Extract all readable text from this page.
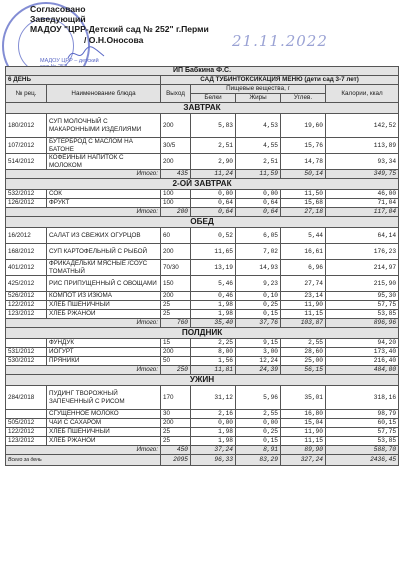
Согласовано
Заведующий
МАДОУ "ЦРР-Детский сад № 252" г.Перми
/ О.Н.Оносова
МАДОУ ЦРР – детский
21.11.2022
ИП Бабкина Ф.С.						
6 ДЕНЬ		САД ТУБИНТОКСИКАЦИЯ МЕНЮ (дети сад 3-7 лет)				
№ рец.	Наименование блюда	Выход	Пищевые вещества, г			Калории, ккал
			Белки	Жиры	Углев.	
ЗАВТРАК						
180/2012	СУП МОЛОЧНЫЙ С МАКАРОННЫМИ ИЗДЕЛИЯМИ	200	5,83	4,53	19,60	142,52
107/2012	БУТЕРБРОД С МАСЛОМ НА БАТОНЕ	30/5	2,51	4,55	15,76	113,89
514/2012	КОФЕЙНЫЙ НАПИТОК С МОЛОКОМ	200	2,90	2,51	14,78	93,34
Итого:		435	11,24	11,59	50,14	349,75
2-ОЙ ЗАВТРАК						
532/2012	СОК	100	0,00	0,00	11,50	46,00
126/2012	ФРУКТ	100	0,64	0,64	15,68	71,04
Итого:		200	0,64	0,64	27,18	117,04
ОБЕД						
16/2012	САЛАТ ИЗ СВЕЖИХ ОГУРЦОВ	60	0,52	6,05	5,44	64,14
168/2012	СУП КАРТОФЕЛЬНЫЙ С РЫБОЙ	200	11,65	7,02	16,61	176,23
401/2012	ФРИКАДЕЛЬКИ МЯСНЫЕ /СОУС ТОМАТНЫЙ	70/30	13,19	14,93	6,96	214,97
425/2012	РИС ПРИПУЩЕННЫЙ С ОВОЩАМИ	150	5,46	9,23	27,74	215,90
526/2012	КОМПОТ ИЗ ИЗЮМА	200	0,46	0,10	23,14	95,30
122/2012	ХЛЕБ ПШЕНИЧНЫЙ	25	1,98	0,25	11,90	57,75
123/2012	ХЛЕБ РЖАНОЙ	25	1,98	0,15	11,15	53,85
Итого:		760	35,40	37,76	103,87	896,96
ПОЛДНИК						
	ФУНДУК	15	2,25	9,15	2,55	94,20
531/2012	ЙОГУРТ	200	8,00	3,00	28,60	173,40
530/2012	ПРЯНИКИ	50	1,56	12,24	25,00	216,40
Итого:		250	11,81	24,39	56,15	484,00
УЖИН						
284/2018	ПУДИНГ ТВОРОЖНЫЙ ЗАПЕЧЕННЫЙ С РИСОМ	170	31,12	5,96	35,01	318,16
	СГУЩЕННОЕ МОЛОКО	30	2,16	2,55	16,80	98,79
505/2012	ЧАЙ С САХАРОМ	200	0,00	0,00	15,04	60,15
122/2012	ХЛЕБ ПШЕНИЧНЫЙ	25	1,98	0,25	11,90	57,75
123/2012	ХЛЕБ РЖАНОЙ	25	1,98	0,15	11,15	53,85
Итого:		450	37,24	8,91	89,90	588,70
Всего за день		2095	96,33	83,29	327,24	2436,45
